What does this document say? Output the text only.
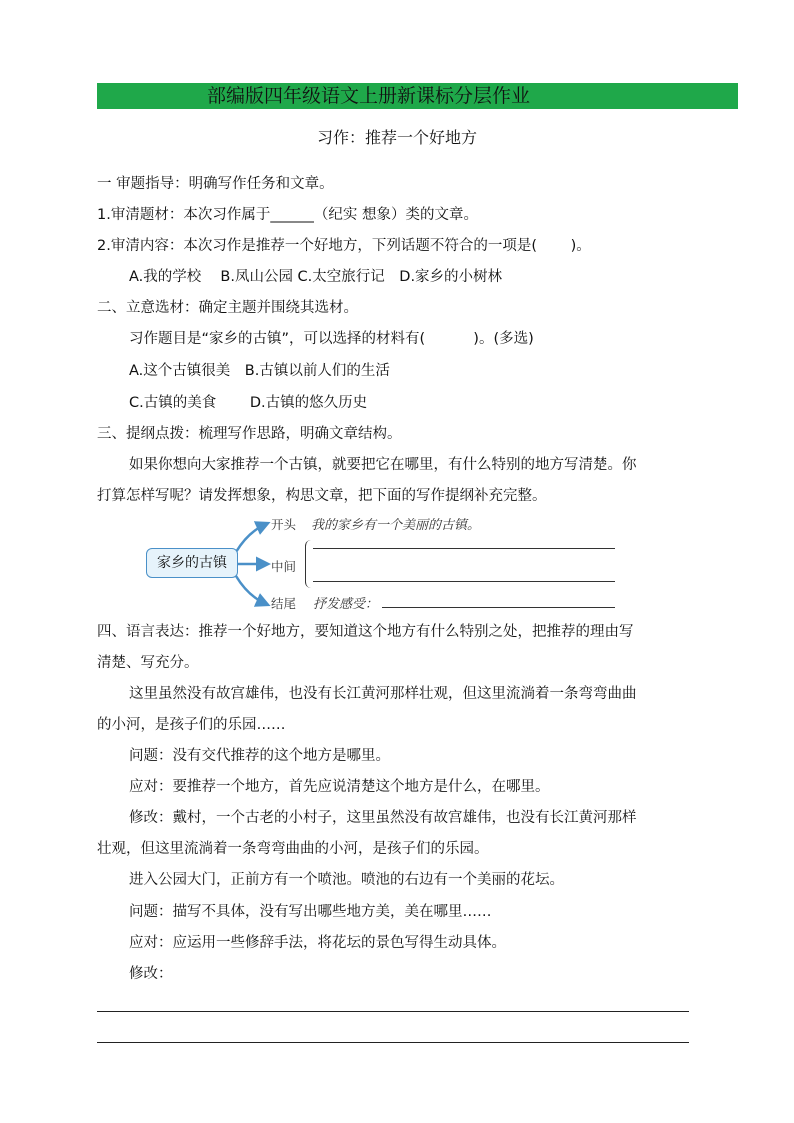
部编版四年级语文上册新课标分层作业
习作：推荐一个好地方
一 审题指导：明确写作任务和文章。
1.审清题材：本次习作属于______（纪实 想象）类的文章。
2.审清内容：本次习作是推荐一个好地方，下列话题不符合的一项是(　　 )。
A.我的学校　 B.凤山公园 C.太空旅行记　D.家乡的小树林
二、立意选材：确定主题并围绕其选材。
习作题目是“家乡的古镇”，可以选择的材料有(　　 　)。(多选)
A.这个古镇很美　B.古镇以前人们的生活
C.古镇的美食　　 D.古镇的悠久历史
三、提纲点拨：梳理写作思路，明确文章结构。
如果你想向大家推荐一个古镇，就要把它在哪里，有什么特别的地方写清楚。你
打算怎样写呢？请发挥想象，构思文章，把下面的写作提纲补充完整。
家乡的古镇
开头 我的家乡有一个美丽的古镇。
中间
结尾 抒发感受：
四、语言表达：推荐一个好地方，要知道这个地方有什么特别之处，把推荐的理由写
清楚、写充分。
这里虽然没有故宫雄伟，也没有长江黄河那样壮观，但这里流淌着一条弯弯曲曲
的小河，是孩子们的乐园……
问题：没有交代推荐的这个地方是哪里。
应对：要推荐一个地方，首先应说清楚这个地方是什么，在哪里。
修改：戴村，一个古老的小村子，这里虽然没有故宫雄伟，也没有长江黄河那样
壮观，但这里流淌着一条弯弯曲曲的小河，是孩子们的乐园。
进入公园大门，正前方有一个喷池。喷池的右边有一个美丽的花坛。
问题：描写不具体，没有写出哪些地方美，美在哪里……
应对：应运用一些修辞手法，将花坛的景色写得生动具体。
修改：
